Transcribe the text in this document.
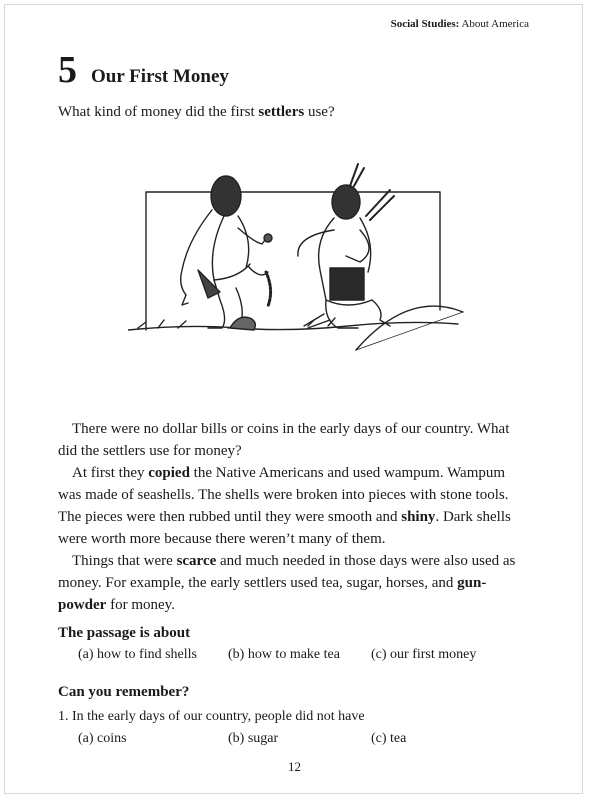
Social Studies: About America
5 Our First Money
What kind of money did the first settlers use?

There were no dollar bills or coins in the early days of our country. What did the settlers use for money?

At first they copied the Native Americans and used wampum. Wampum was made of seashells. The shells were broken into pieces with stone tools. The pieces were then rubbed until they were smooth and shiny. Dark shells were worth more because there weren’t many of them.

Things that were scarce and much needed in those days were also used as money. For example, the early settlers used tea, sugar, horses, and gun-powder for money.

The passage is about
(a) how to find shells	(b) how to make tea	(c) our first money
Can you remember?
1. In the early days of our country, people did not have
(a) coins	(b) sugar	(c) tea
12
